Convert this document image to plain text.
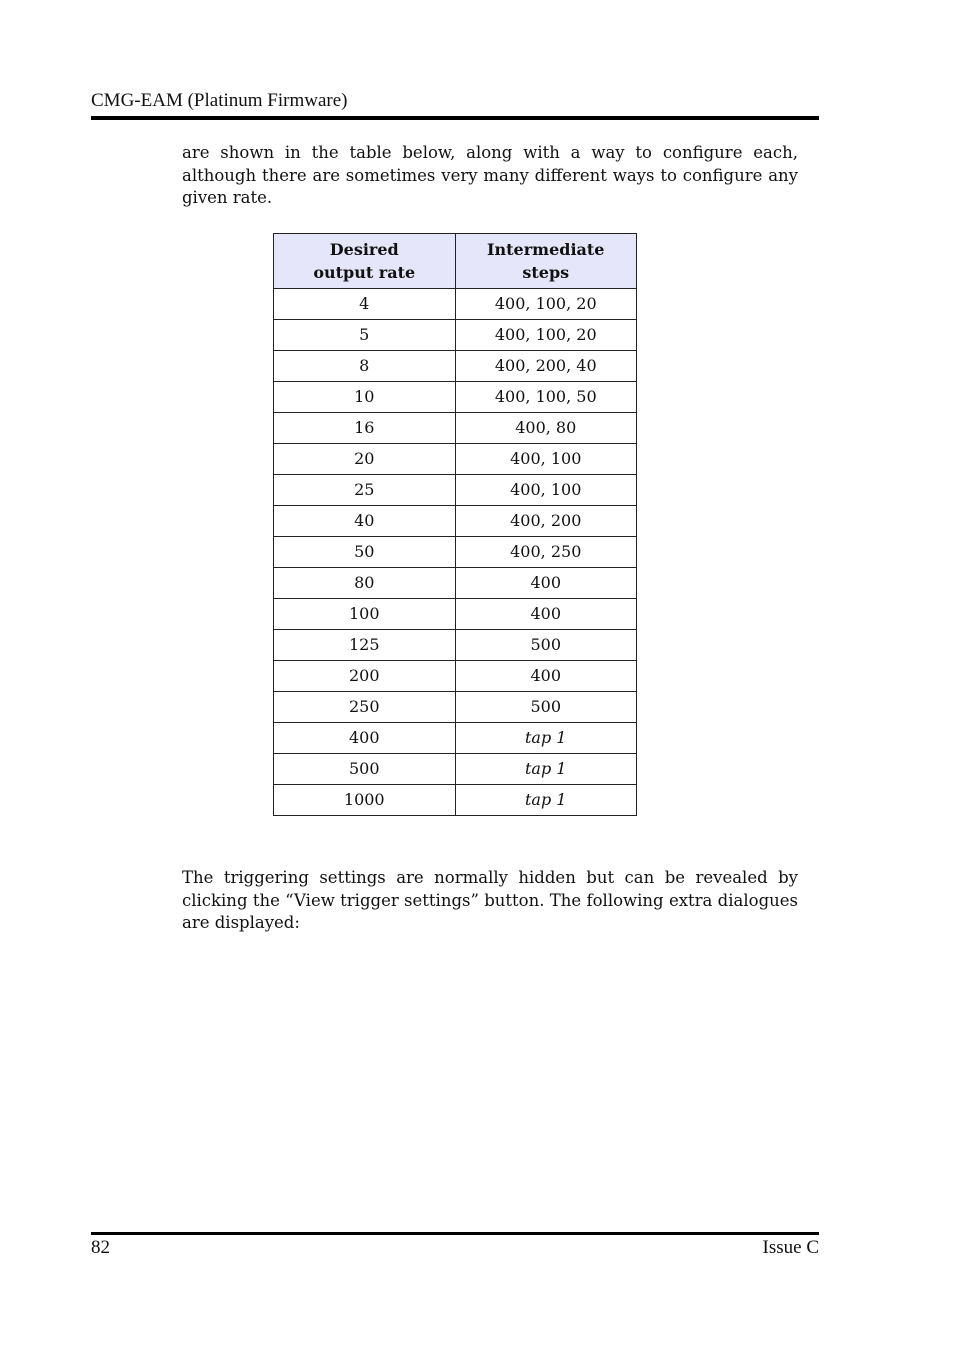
CMG-EAM (Platinum Firmware)
are shown in the table below, along with a way to configure each, although there are sometimes very many different ways to configure any given rate.
Desired
output rate	Intermediate
steps
4	400, 100, 20
5	400, 100, 20
8	400, 200, 40
10	400, 100, 50
16	400, 80
20	400, 100
25	400, 100
40	400, 200
50	400, 250
80	400
100	400
125	500
200	400
250	500
400	tap 1
500	tap 1
1000	tap 1
The triggering settings are normally hidden but can be revealed by clicking the “View trigger settings” button. The following extra dialogues are displayed:
82	Issue C
